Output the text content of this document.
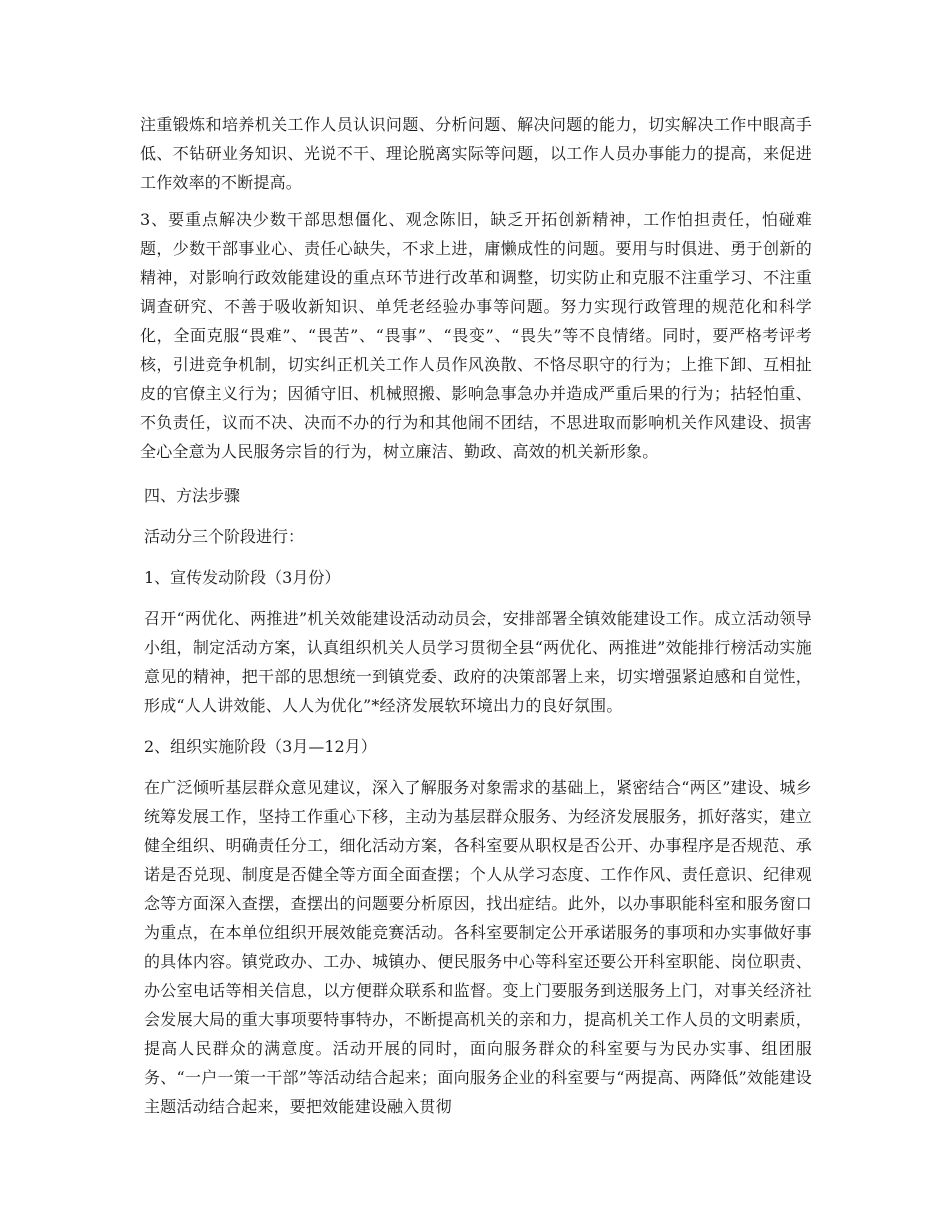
注重锻炼和培养机关工作人员认识问题、分析问题、解决问题的能力，切实解决工作中眼高手低、不钻研业务知识、光说不干、理论脱离实际等问题，以工作人员办事能力的提高，来促进工作效率的不断提高。

3、要重点解决少数干部思想僵化、观念陈旧，缺乏开拓创新精神，工作怕担责任，怕碰难题，少数干部事业心、责任心缺失，不求上进，庸懒成性的问题。要用与时俱进、勇于创新的精神，对影响行政效能建设的重点环节进行改革和调整，切实防止和克服不注重学习、不注重调查研究、不善于吸收新知识、单凭老经验办事等问题。努力实现行政管理的规范化和科学化，全面克服“畏难”、“畏苦”、“畏事”、“畏变”、“畏失”等不良情绪。同时，要严格考评考核，引进竞争机制，切实纠正机关工作人员作风涣散、不恪尽职守的行为；上推下卸、互相扯皮的官僚主义行为；因循守旧、机械照搬、影响急事急办并造成严重后果的行为；拈轻怕重、不负责任，议而不决、决而不办的行为和其他闹不团结，不思进取而影响机关作风建设、损害全心全意为人民服务宗旨的行为，树立廉洁、勤政、高效的机关新形象。

四、方法步骤

活动分三个阶段进行：

1、宣传发动阶段（3月份）

召开“两优化、两推进”机关效能建设活动动员会，安排部署全镇效能建设工作。成立活动领导小组，制定活动方案，认真组织机关人员学习贯彻全县“两优化、两推进”效能排行榜活动实施意见的精神，把干部的思想统一到镇党委、政府的决策部署上来，切实增强紧迫感和自觉性，形成“人人讲效能、人人为优化”*经济发展软环境出力的良好氛围。

2、组织实施阶段（3月—12月）

在广泛倾听基层群众意见建议，深入了解服务对象需求的基础上，紧密结合“两区”建设、城乡统筹发展工作，坚持工作重心下移，主动为基层群众服务、为经济发展服务，抓好落实，建立健全组织、明确责任分工，细化活动方案，各科室要从职权是否公开、办事程序是否规范、承诺是否兑现、制度是否健全等方面全面查摆；个人从学习态度、工作作风、责任意识、纪律观念等方面深入查摆，查摆出的问题要分析原因，找出症结。此外，以办事职能科室和服务窗口为重点，在本单位组织开展效能竞赛活动。各科室要制定公开承诺服务的事项和办实事做好事的具体内容。镇党政办、工办、城镇办、便民服务中心等科室还要公开科室职能、岗位职责、办公室电话等相关信息，以方便群众联系和监督。变上门要服务到送服务上门，对事关经济社会发展大局的重大事项要特事特办，不断提高机关的亲和力，提高机关工作人员的文明素质，提高人民群众的满意度。活动开展的同时，面向服务群众的科室要与为民办实事、组团服务、“一户一策一干部”等活动结合起来；面向服务企业的科室要与“两提高、两降低”效能建设主题活动结合起来，要把效能建设融入贯彻
